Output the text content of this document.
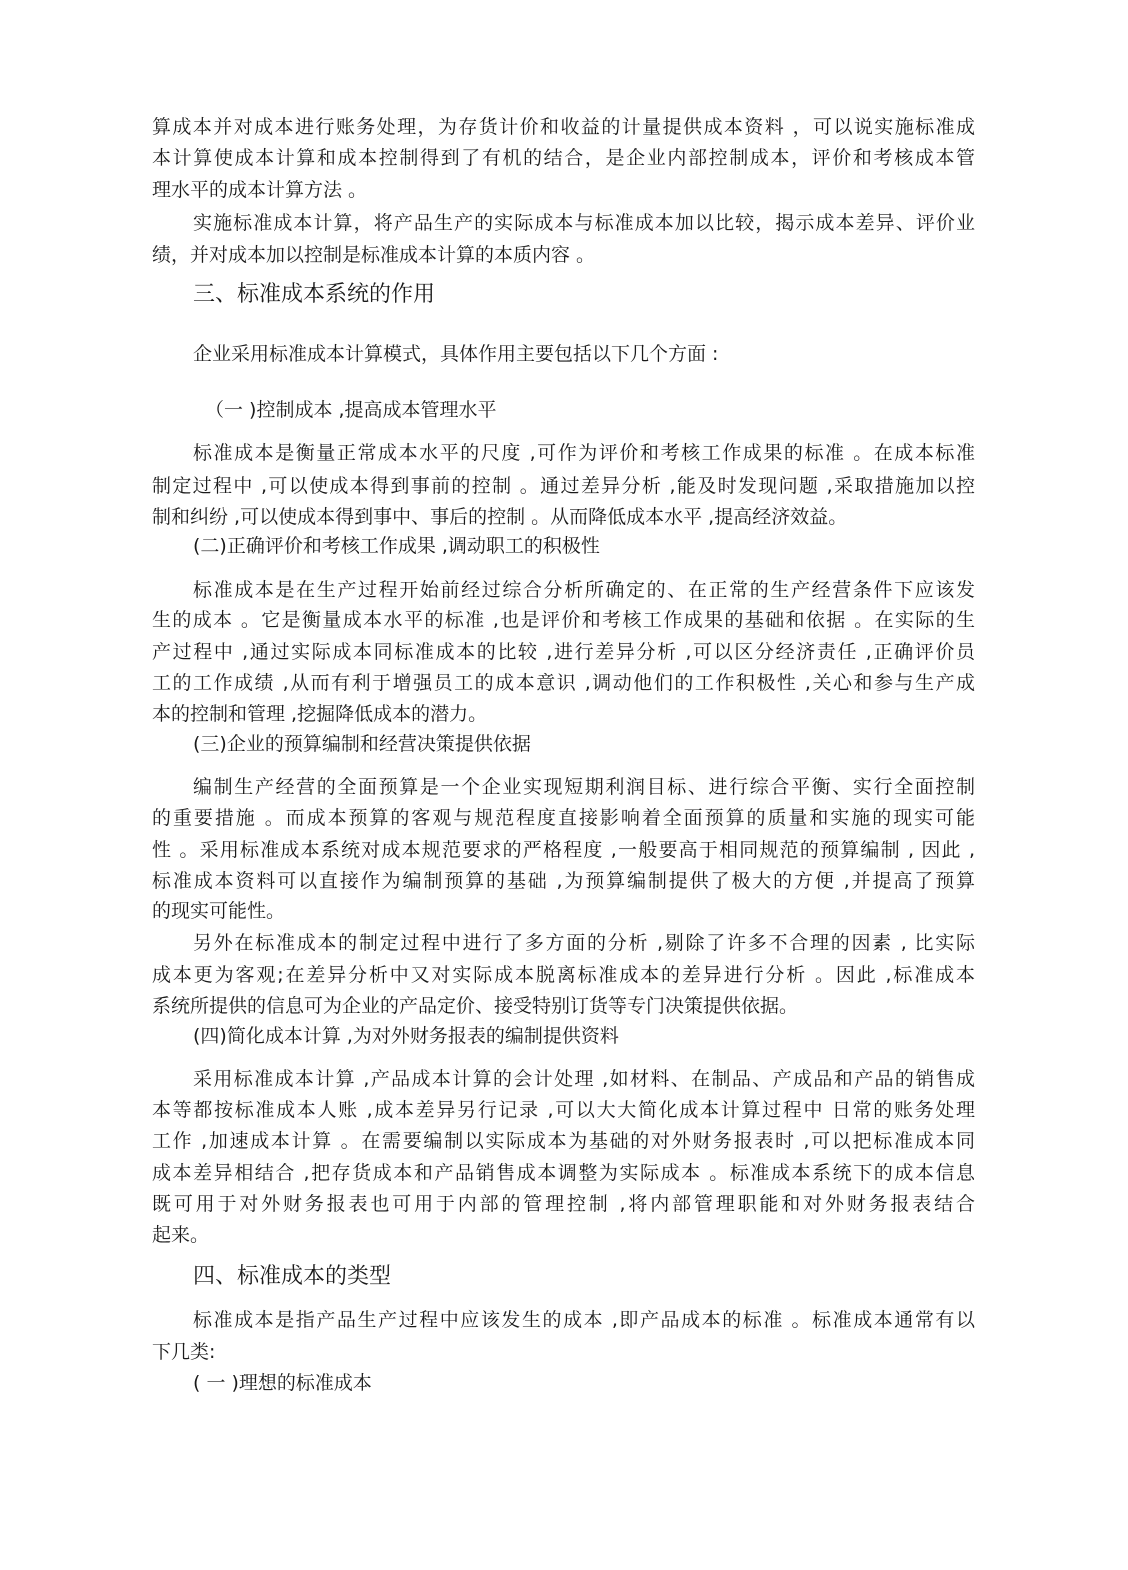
算成本并对成本进行账务处理，为存货计价和收益的计量提供成本资料 ，可以说实施标准成
本计算使成本计算和成本控制得到了有机的结合，是企业内部控制成本，评价和考核成本管
理水平的成本计算方法 。
实施标准成本计算，将产品生产的实际成本与标准成本加以比较，揭示成本差异、评价业
绩，并对成本加以控制是标准成本计算的本质内容 。
三、标准成本系统的作用
企业采用标准成本计算模式，具体作用主要包括以下几个方面 :
（一 )控制成本 ,提高成本管理水平
标准成本是衡量正常成本水平的尺度 ,可作为评价和考核工作成果的标准 。在成本标准
制定过程中 ,可以使成本得到事前的控制 。通过差异分析 ,能及时发现问题 ,采取措施加以控
制和纠纷 ,可以使成本得到事中、事后的控制 。从而降低成本水平 ,提高经济效益。
(二)正确评价和考核工作成果 ,调动职工的积极性
标准成本是在生产过程开始前经过综合分析所确定的、在正常的生产经营条件下应该发
生的成本 。它是衡量成本水平的标准 ,也是评价和考核工作成果的基础和依据 。在实际的生
产过程中 ,通过实际成本同标准成本的比较 ,进行差异分析 ,可以区分经济责任 ,正确评价员
工的工作成绩 ,从而有利于增强员工的成本意识 ,调动他们的工作积极性 ,关心和参与生产成
本的控制和管理 ,挖掘降低成本的潜力。
(三)企业的预算编制和经营决策提供依据
编制生产经营的全面预算是一个企业实现短期利润目标、进行综合平衡、实行全面控制
的重要措施 。而成本预算的客观与规范程度直接影响着全面预算的质量和实施的现实可能
性 。采用标准成本系统对成本规范要求的严格程度 ,一般要高于相同规范的预算编制 , 因此 ,
标准成本资料可以直接作为编制预算的基础 ,为预算编制提供了极大的方便 ,并提高了预算
的现实可能性。
另外在标准成本的制定过程中进行了多方面的分析 ,剔除了许多不合理的因素 , 比实际
成本更为客观;在差异分析中又对实际成本脱离标准成本的差异进行分析 。因此 ,标准成本
系统所提供的信息可为企业的产品定价、接受特别订货等专门决策提供依据。
(四)简化成本计算 ,为对外财务报表的编制提供资料
采用标准成本计算 ,产品成本计算的会计处理 ,如材料、在制品、产成品和产品的销售成
本等都按标准成本人账 ,成本差异另行记录 ,可以大大简化成本计算过程中 日常的账务处理
工作 ,加速成本计算 。在需要编制以实际成本为基础的对外财务报表时 ,可以把标准成本同
成本差异相结合 ,把存货成本和产品销售成本调整为实际成本 。标准成本系统下的成本信息
既可用于对外财务报表也可用于内部的管理控制 ,将内部管理职能和对外财务报表结合
起来。
四、标准成本的类型
标准成本是指产品生产过程中应该发生的成本 ,即产品成本的标准 。标准成本通常有以
下几类:
( 一 )理想的标准成本
